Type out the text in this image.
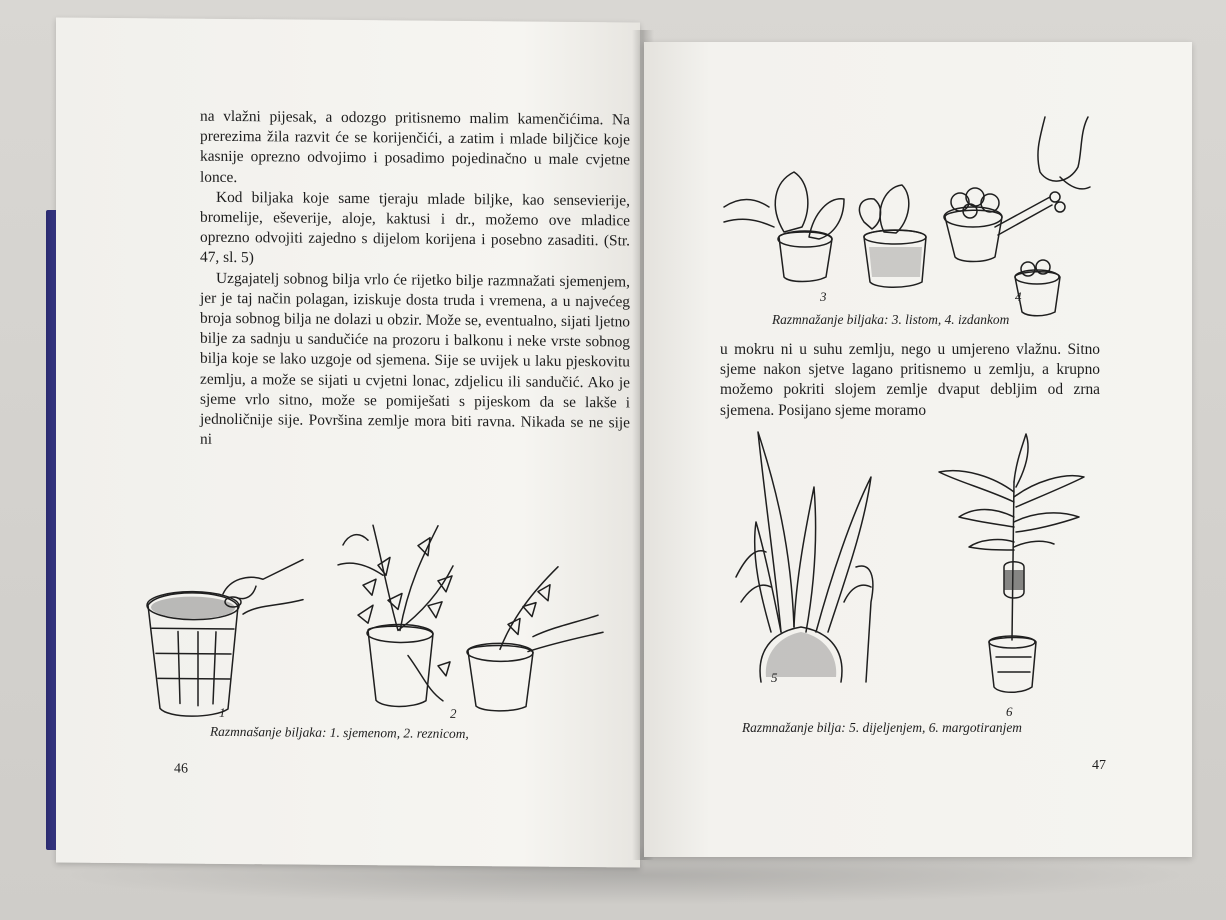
na vlažni pijesak, a odozgo pritisnemo malim kamenčićima. Na prerezima žila razvit će se korijenčići, a zatim i mlade biljčice koje kasnije oprezno odvojimo i posadimo pojedinačno u male cvjetne lonce.

Kod biljaka koje same tjeraju mlade biljke, kao sensevierije, bromelije, eševerije, aloje, kaktusi i dr., možemo ove mladice oprezno odvojiti zajedno s dijelom korijena i posebno zasaditi. (Str. 47, sl. 5)

Uzgajatelj sobnog bilja vrlo će rijetko bilje razmnažati sjemenjem, jer je taj način polagan, iziskuje dosta truda i vremena, a u najvećeg broja sobnog bilja ne dolazi u obzir. Može se, eventualno, sijati ljetno bilje za sadnju u sandučiće na prozoru i balkonu i neke vrste sobnog bilja koje se lako uzgoje od sjemena. Sije se uvijek u laku pjeskovitu zemlju, a može se sijati u cvjetni lonac, zdjelicu ili sandučić. Ako je sjeme vrlo sitno, može se pomiješati s pijeskom da se lakše i jednoličnije sije. Površina zemlje mora biti ravna. Nikada se ne sije ni

1	2
Razmnašanje biljaka: 1. sjemenom, 2. reznicom,
46
3	4
Razmnažanje biljaka: 3. listom, 4. izdankom

u mokru ni u suhu zemlju, nego u umjereno vlažnu. Sitno sjeme nakon sjetve lagano pritisnemo u zemlju, a krupno možemo pokriti slojem zemlje dvaput debljim od zrna sjemena. Posijano sjeme moramo

5
6
Razmnažanje bilja: 5. dijeljenjem, 6. margotiranjem
47
